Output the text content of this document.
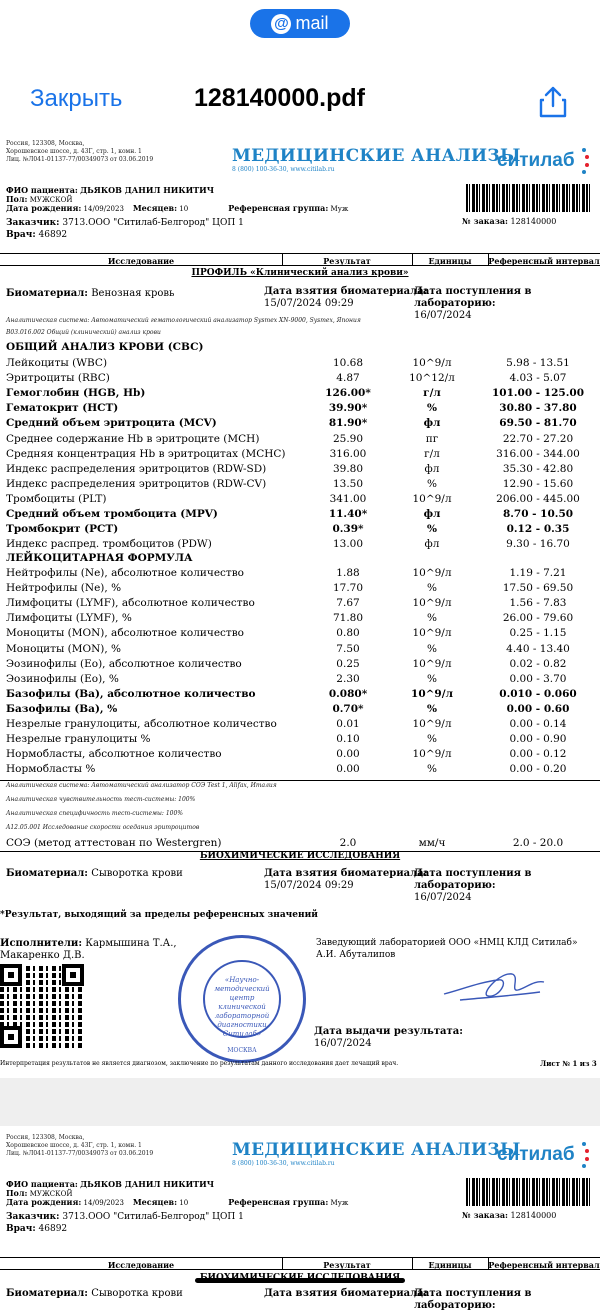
@ mail
Закрыть	128140000.pdf
Россия, 123308, Москва,
Хорошевское шоссе, д. 43Г, стр. 1, комн. 1
Лиц. №Л041-01137-77/00349073 от 03.06.2019	МЕДИЦИНСКИЕ АНАЛИЗЫ
8 (800) 100-36-30, www.citilab.ru	ситилаб
ФИО пациента: ДЬЯКОВ ДАНИЛ НИКИТИЧ
Пол: МУЖСКОЙ
Дата рождения: 14/09/2023 Месяцев: 10	Референсная группа: Муж
Заказчик: 3713.ООО "Ситилаб-Белгород" ЦОП 1
Врач: 46892
№ заказа: 128140000
Исследование	Результат	Единицы	Референсный интервал
ПРОФИЛЬ «Клинический анализ крови»
Биоматериал: Венозная кровь	Дата взятия биоматериала:
15/07/2024 09:29
Дата поступления в лабораторию:
16/07/2024
Аналитическая система: Автоматический гематологический анализатор Sysmex XN-9000, Sysmex, Япония
B03.016.002 Общий (клинический) анализ крови
ОБЩИЙ АНАЛИЗ КРОВИ (CBC)
Лейкоциты (WBC)	10.68	10^9/л	5.98 - 13.51
Эритроциты (RBC)	4.87	10^12/л	4.03 - 5.07
Гемоглобин (HGB, Hb)	126.00*	г/л	101.00 - 125.00
Гематокрит (HCT)	39.90*	%	30.80 - 37.80
Средний объем эритроцита (MCV)	81.90*	фл	69.50 - 81.70
Среднее содержание Hb в эритроците (MCH)	25.90	пг	22.70 - 27.20
Средняя концентрация Hb в эритроцитах (MCHC)	316.00	г/л	316.00 - 344.00
Индекс распределения эритроцитов (RDW-SD)	39.80	фл	35.30 - 42.80
Индекс распределения эритроцитов (RDW-CV)	13.50	%	12.90 - 15.60
Тромбоциты (PLT)	341.00	10^9/л	206.00 - 445.00
Средний объем тромбоцита (MPV)	11.40*	фл	8.70 - 10.50
Тромбокрит (PCT)	0.39*	%	0.12 - 0.35
Индекс распред. тромбоцитов (PDW)	13.00	фл	9.30 - 16.70
ЛЕЙКОЦИТАРНАЯ ФОРМУЛА
Нейтрофилы (Ne), абсолютное количество	1.88	10^9/л	1.19 - 7.21
Нейтрофилы (Ne), %	17.70	%	17.50 - 69.50
Лимфоциты (LYMF), абсолютное количество	7.67	10^9/л	1.56 - 7.83
Лимфоциты (LYMF), %	71.80	%	26.00 - 79.60
Моноциты (MON), абсолютное количество	0.80	10^9/л	0.25 - 1.15
Моноциты (MON), %	7.50	%	4.40 - 13.40
Эозинофилы (Eo), абсолютное количество	0.25	10^9/л	0.02 - 0.82
Эозинофилы (Eo), %	2.30	%	0.00 - 3.70
Базофилы (Ba), абсолютное количество	0.080*	10^9/л	0.010 - 0.060
Базофилы (Ba), %	0.70*	%	0.00 - 0.60
Незрелые гранулоциты, абсолютное количество	0.01	10^9/л	0.00 - 0.14
Незрелые гранулоциты %	0.10	%	0.00 - 0.90
Нормобласты, абсолютное количество	0.00	10^9/л	0.00 - 0.12
Нормобласты %	0.00	%	0.00 - 0.20
Аналитическая система: Автоматический анализатор СОЭ Test 1, Alifax, Италия
Аналитическая чувствительность тест-системы: 100%
Аналитическая специфичность тест-системы: 100%
A12.05.001 Исследование скорости оседания эритроцитов
СОЭ (метод аттестован по Westergren)	2.0	мм/ч	2.0 - 20.0
БИОХИМИЧЕСКИЕ ИССЛЕДОВАНИЯ
Биоматериал: Сыворотка крови	Дата взятия биоматериала:
15/07/2024 09:29
Дата поступления в лабораторию:
16/07/2024
*Результат, выходящий за пределы референсных значений
Исполнители: Кармышина Т.А.,
Макаренко Д.В.
«Научно-методический центр клинической лабораторной диагностики Ситилаб»
МОСКВА
Заведующий лабораторией ООО «НМЦ КЛД Ситилаб»
А.И. Абуталипов
Дата выдачи результата:
16/07/2024
Интерпретация результатов не является диагнозом, заключение по результатам данного исследования дает лечащий врач.	Лист № 1 из 3
Россия, 123308, Москва,
Хорошевское шоссе, д. 43Г, стр. 1, комн. 1
Лиц. №Л041-01137-77/00349073 от 03.06.2019	МЕДИЦИНСКИЕ АНАЛИЗЫ
8 (800) 100-36-30, www.citilab.ru	ситилаб
ФИО пациента: ДЬЯКОВ ДАНИЛ НИКИТИЧ
Пол: МУЖСКОЙ
Дата рождения: 14/09/2023 Месяцев: 10	Референсная группа: Муж
Заказчик: 3713.ООО "Ситилаб-Белгород" ЦОП 1
Врач: 46892
№ заказа: 128140000
Исследование	Результат	Единицы	Референсный интервал
Биоматериал: Сыворотка крови	Дата взятия биоматериала:
Дата поступления в лабораторию:
